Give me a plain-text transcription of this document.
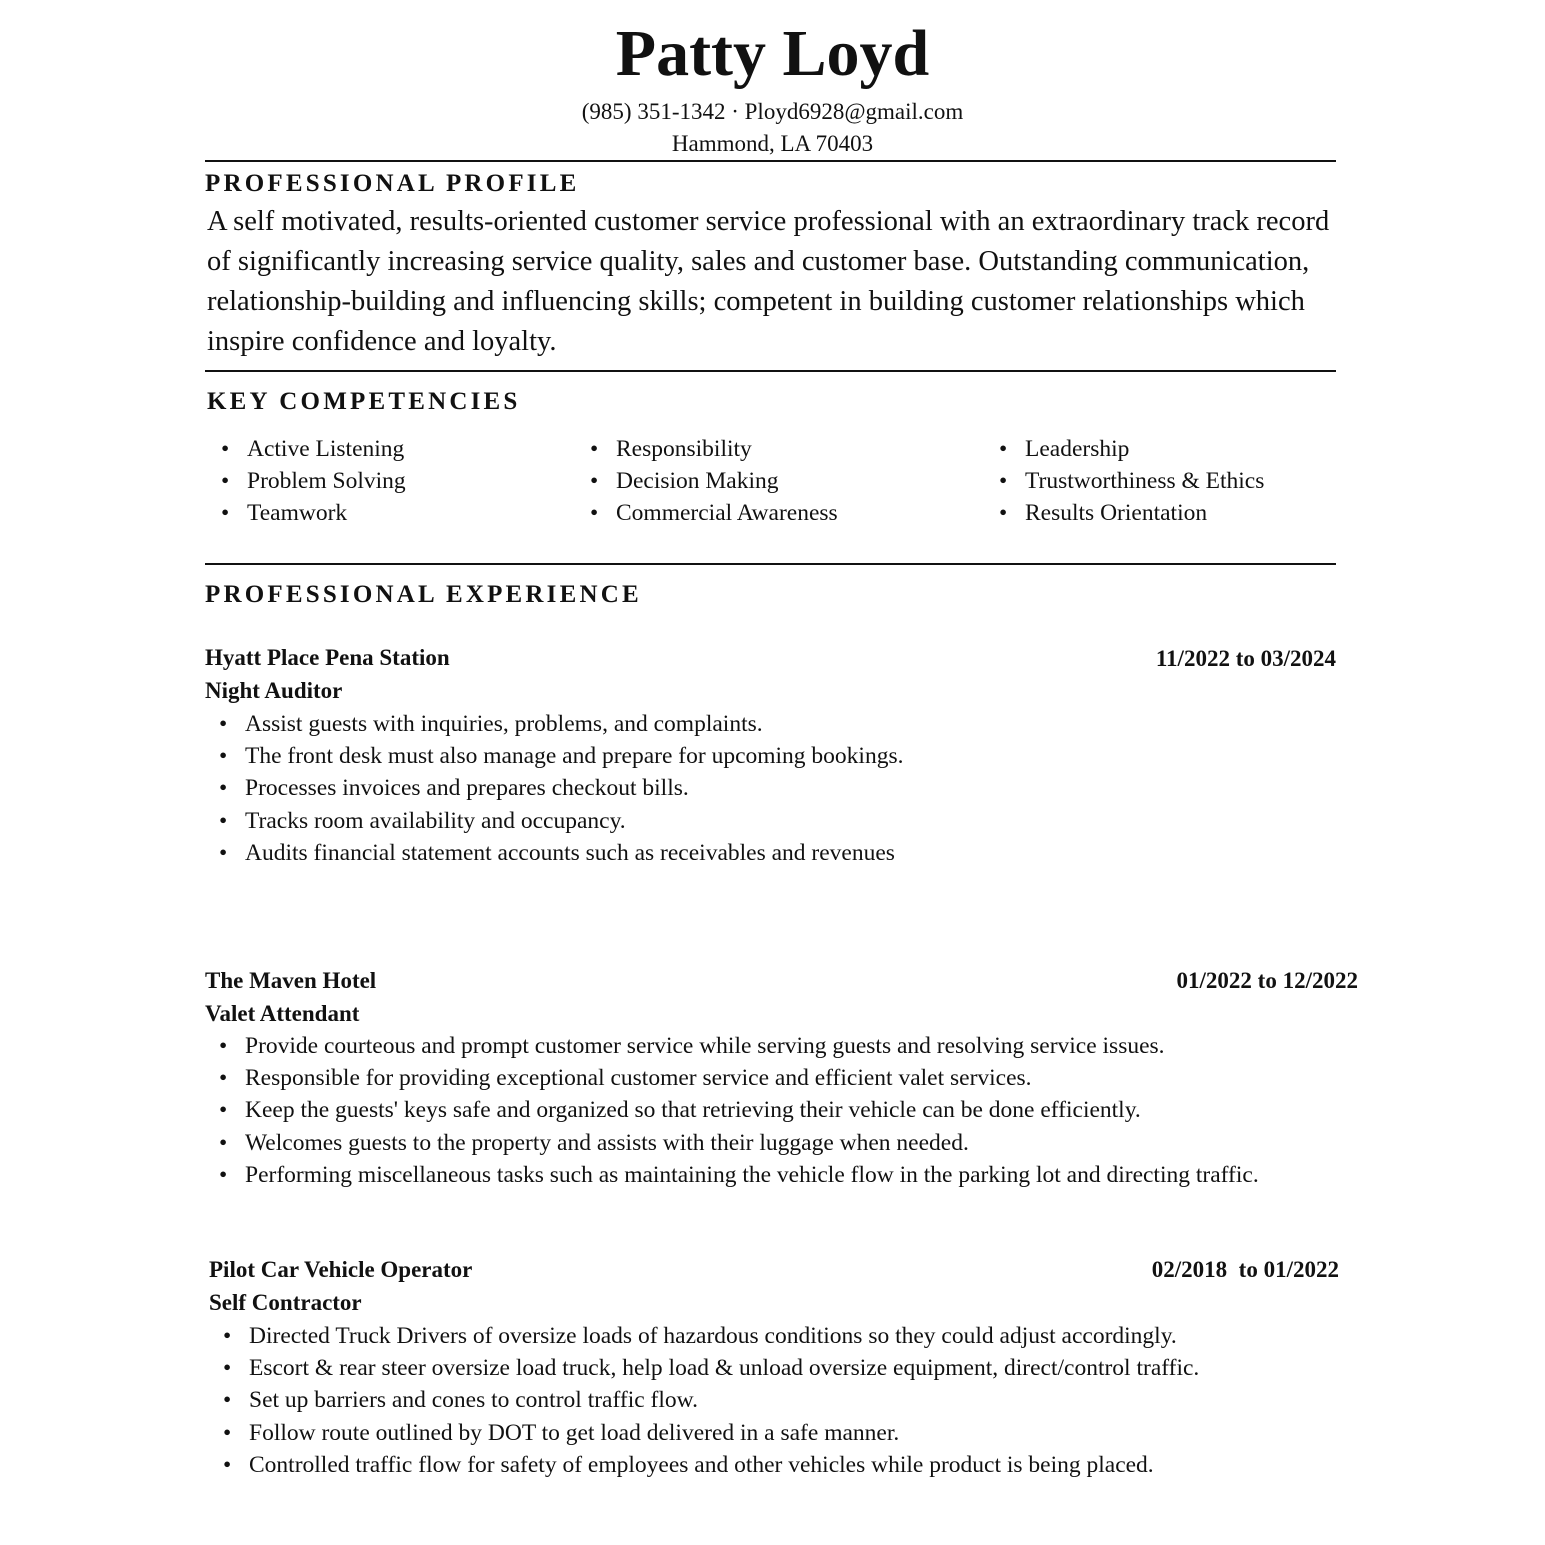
Patty Loyd
(985) 351-1342 · Ployd6928@gmail.com
Hammond, LA 70403
PROFESSIONAL PROFILE
A self motivated, results-oriented customer service professional with an extraordinary track record of significantly increasing service quality, sales and customer base. Outstanding communication, relationship-building and influencing skills; competent in building customer relationships which inspire confidence and loyalty.
KEY COMPETENCIES
• Active Listening
• Problem Solving
• Teamwork
• Responsibility
• Decision Making
• Commercial Awareness
• Leadership
• Trustworthiness & Ethics
• Results Orientation
PROFESSIONAL EXPERIENCE
Hyatt Place Pena Station	11/2022 to 03/2024
Night Auditor
• Assist guests with inquiries, problems, and complaints.
• The front desk must also manage and prepare for upcoming bookings.
• Processes invoices and prepares checkout bills.
• Tracks room availability and occupancy.
• Audits financial statement accounts such as receivables and revenues
The Maven Hotel	01/2022 to 12/2022
Valet Attendant
• Provide courteous and prompt customer service while serving guests and resolving service issues.
• Responsible for providing exceptional customer service and efficient valet services.
• Keep the guests' keys safe and organized so that retrieving their vehicle can be done efficiently.
• Welcomes guests to the property and assists with their luggage when needed.
• Performing miscellaneous tasks such as maintaining the vehicle flow in the parking lot and directing traffic.
Pilot Car Vehicle Operator	02/2018  to 01/2022
Self Contractor
• Directed Truck Drivers of oversize loads of hazardous conditions so they could adjust accordingly.
• Escort & rear steer oversize load truck, help load & unload oversize equipment, direct/control traffic.
• Set up barriers and cones to control traffic flow.
• Follow route outlined by DOT to get load delivered in a safe manner.
• Controlled traffic flow for safety of employees and other vehicles while product is being placed.
